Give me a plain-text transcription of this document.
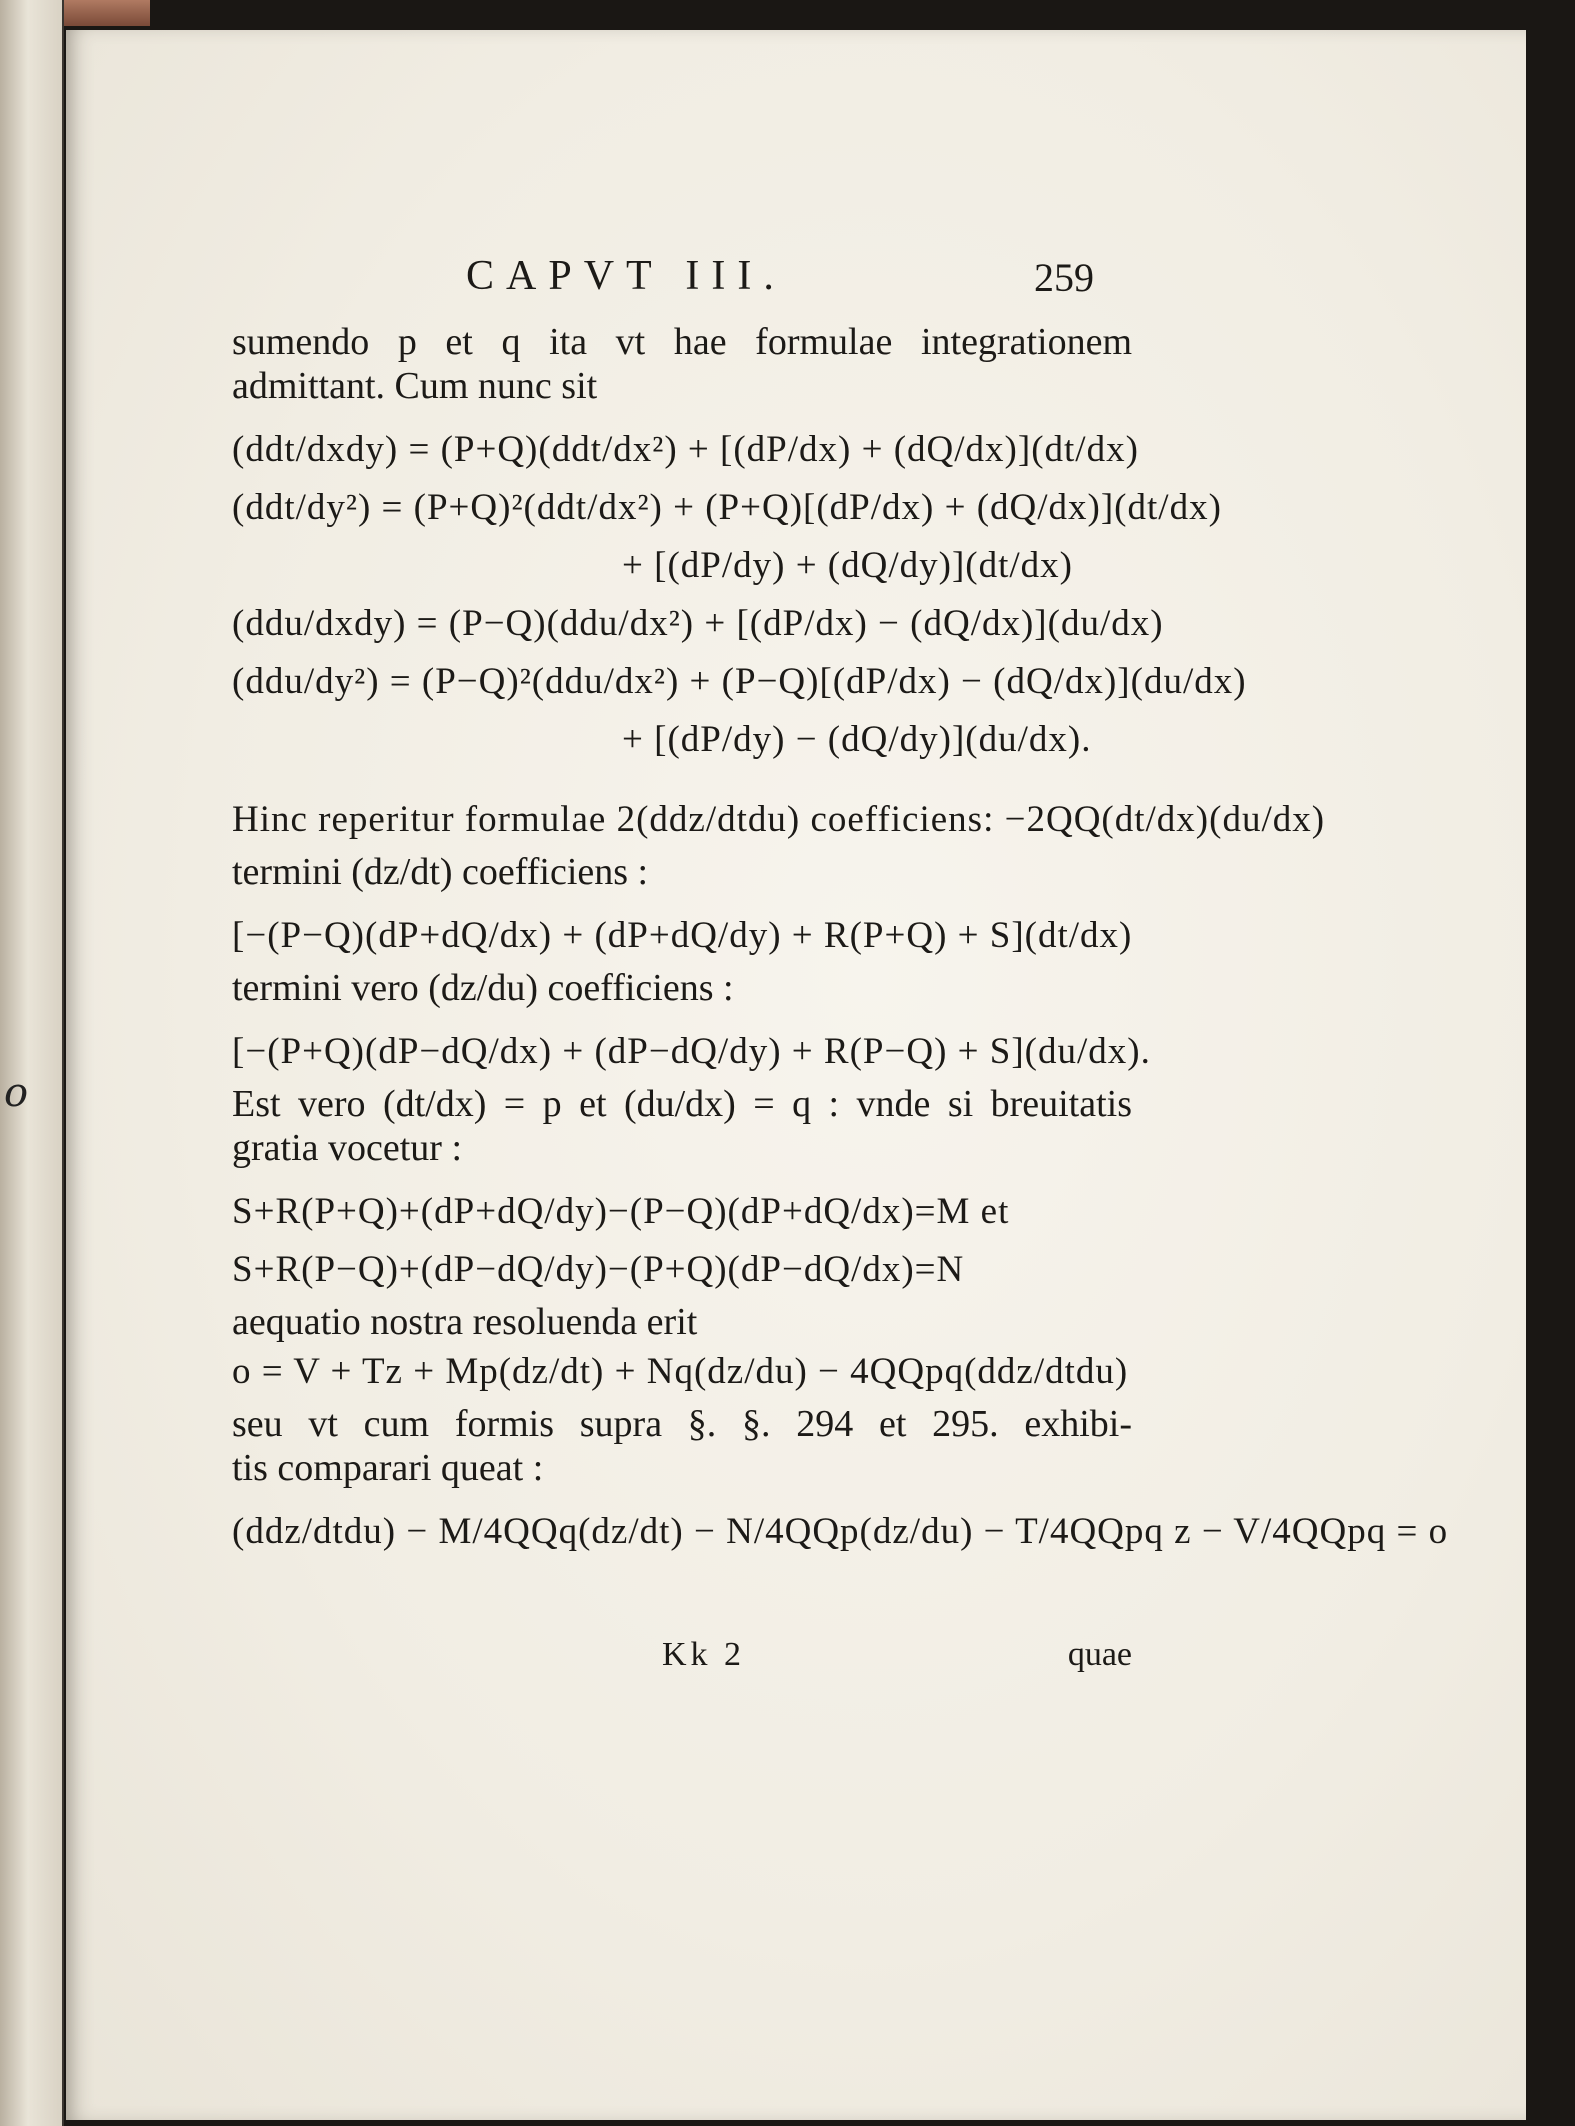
o
CAPVT III.	259
sumendo p et q ita vt hae formulae integrationem
admittant. Cum nunc sit
(ddt/dxdy) = (P+Q)(ddt/dx²) + [(dP/dx) + (dQ/dx)](dt/dx)
(ddt/dy²) = (P+Q)²(ddt/dx²) + (P+Q)[(dP/dx) + (dQ/dx)](dt/dx)
+ [(dP/dy) + (dQ/dy)](dt/dx)
(ddu/dxdy) = (P−Q)(ddu/dx²) + [(dP/dx) − (dQ/dx)](du/dx)
(ddu/dy²) = (P−Q)²(ddu/dx²) + (P−Q)[(dP/dx) − (dQ/dx)](du/dx)
+ [(dP/dy) − (dQ/dy)](du/dx).
Hinc reperitur formulae 2(ddz/dtdu) coefficiens: −2QQ(dt/dx)(du/dx)
termini (dz/dt) coefficiens :
[−(P−Q)(dP+dQ/dx) + (dP+dQ/dy) + R(P+Q) + S](dt/dx)
termini vero (dz/du) coefficiens :
[−(P+Q)(dP−dQ/dx) + (dP−dQ/dy) + R(P−Q) + S](du/dx).
Est vero (dt/dx) = p et (du/dx) = q : vnde si breuitatis
gratia vocetur :
S+R(P+Q)+(dP+dQ/dy)−(P−Q)(dP+dQ/dx)=M et
S+R(P−Q)+(dP−dQ/dy)−(P+Q)(dP−dQ/dx)=N
aequatio nostra resoluenda erit
o = V + Tz + Mp(dz/dt) + Nq(dz/du) − 4QQpq(ddz/dtdu)
seu vt cum formis supra §. §. 294 et 295. exhibi-
tis comparari queat :
(ddz/dtdu) − M/4QQq(dz/dt) − N/4QQp(dz/du) − T/4QQpq z − V/4QQpq = o
Kk 2	quae
